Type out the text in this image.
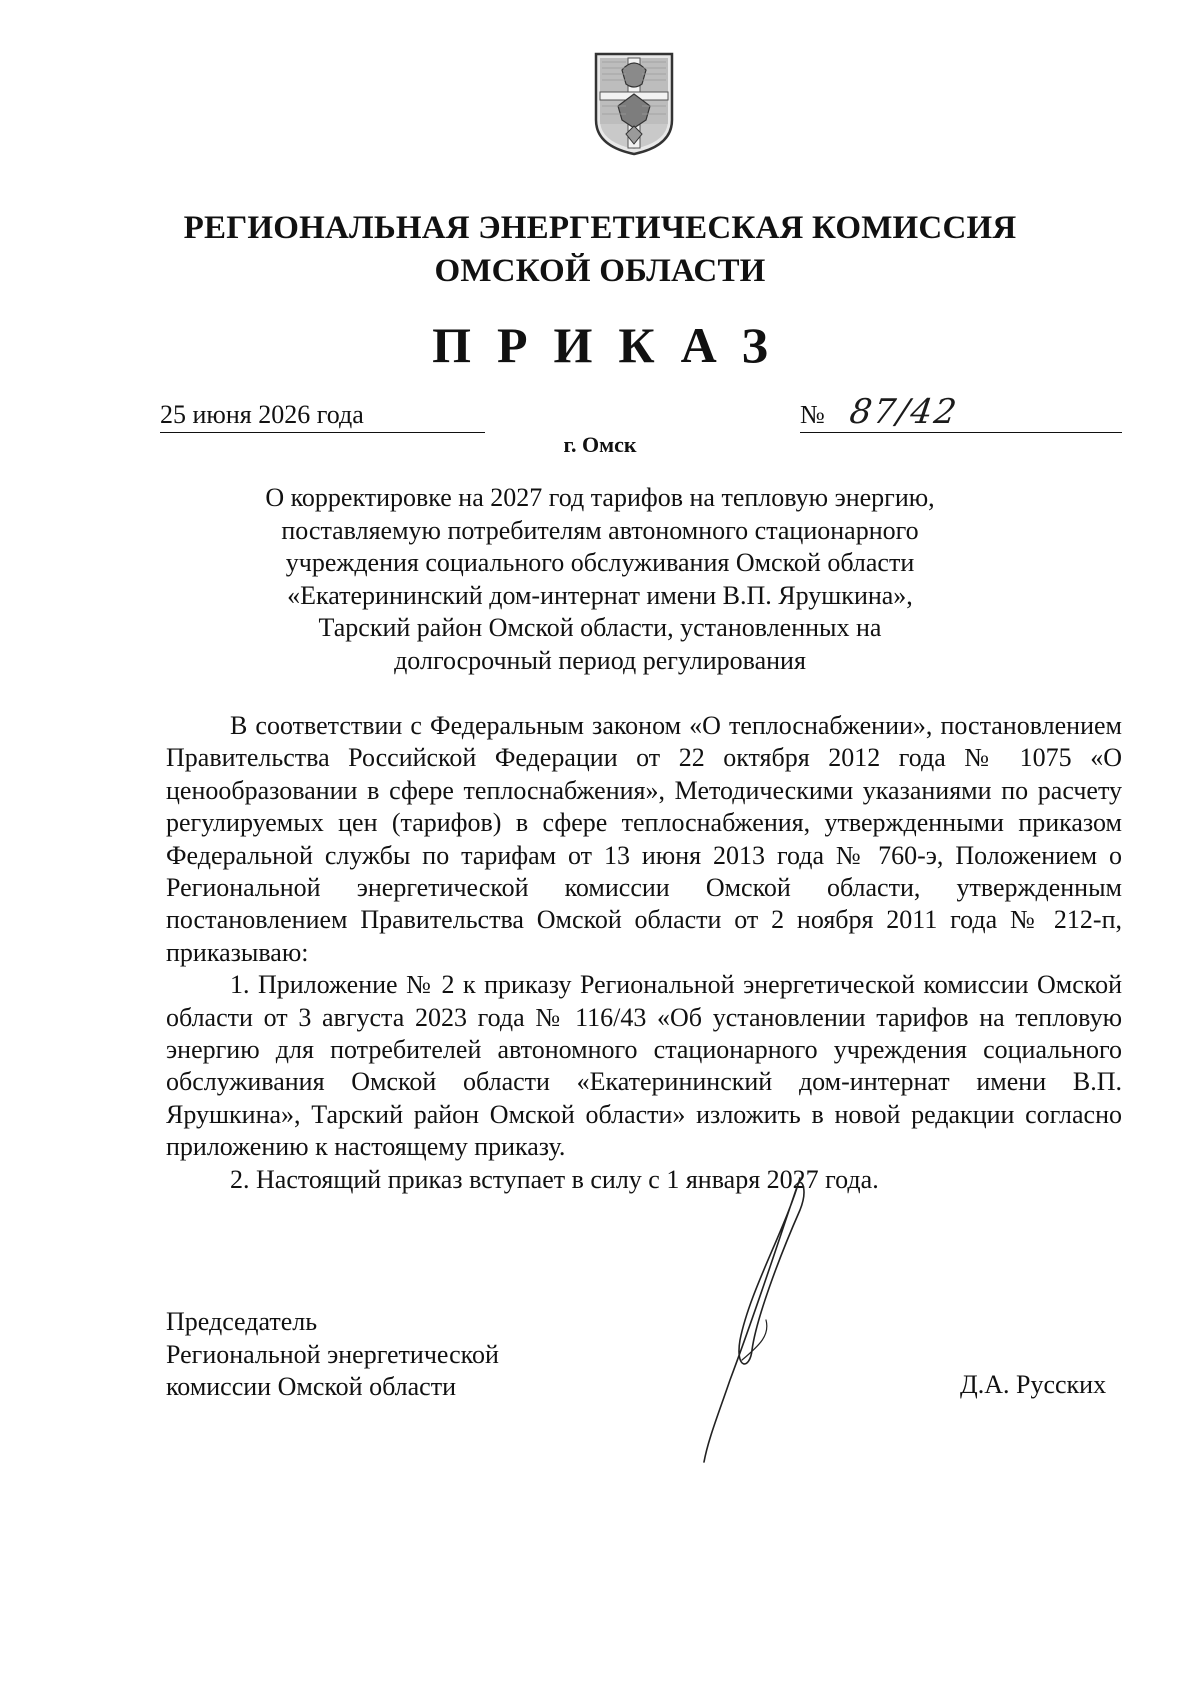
РЕГИОНАЛЬНАЯ ЭНЕРГЕТИЧЕСКАЯ КОМИССИЯ
ОМСКОЙ ОБЛАСТИ
ПРИКАЗ
25 июня 2026 года	№ 87/42
г. Омск
О корректировке на 2027 год тарифов на тепловую энергию,
поставляемую потребителям автономного стационарного
учреждения социального обслуживания Омской области
«Екатерининский дом-интернат имени В.П. Ярушкина»,
Тарский район Омской области, установленных на
долгосрочный период регулирования

В соответствии с Федеральным законом «О теплоснабжении», постановлением Правительства Российской Федерации от 22 октября 2012 года № 1075 «О ценообразовании в сфере теплоснабжения», Методическими указаниями по расчету регулируемых цен (тарифов) в сфере теплоснабжения, утвержденными приказом Федеральной службы по тарифам от 13 июня 2013 года № 760-э, Положением о Региональной энергетической комиссии Омской области, утвержденным постановлением Правительства Омской области от 2 ноября 2011 года № 212-п, приказываю:

1. Приложение № 2 к приказу Региональной энергетической комиссии Омской области от 3 августа 2023 года № 116/43 «Об установлении тарифов на тепловую энергию для потребителей автономного стационарного учреждения социального обслуживания Омской области «Екатерининский дом-интернат имени В.П. Ярушкина», Тарский район Омской области» изложить в новой редакции согласно приложению к настоящему приказу.

2. Настоящий приказ вступает в силу с 1 января 2027 года.

Председатель
Региональной энергетической
комиссии Омской области	Д.А. Русских
